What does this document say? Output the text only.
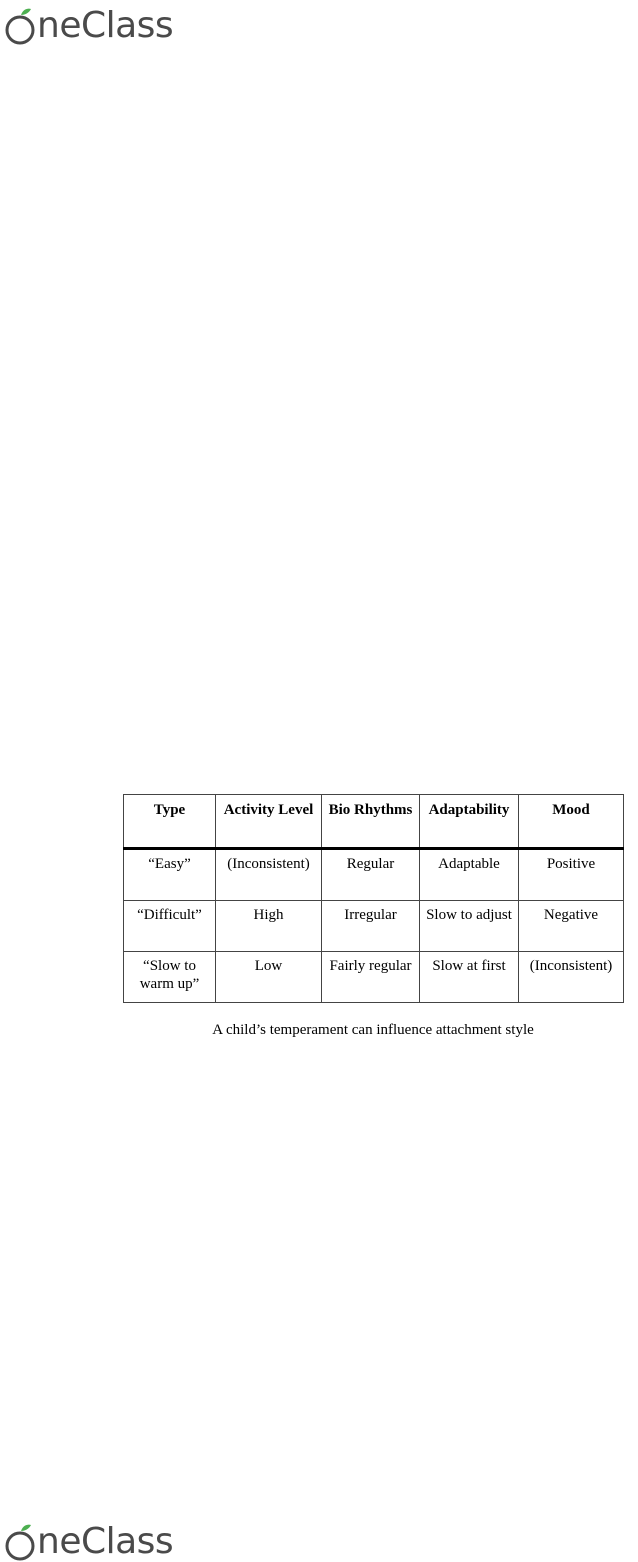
neClass
Type	Activity Level	Bio Rhythms	Adaptability	Mood
“Easy”	(Inconsistent)	Regular	Adaptable	Positive
“Difficult”	High	Irregular	Slow to adjust	Negative
“Slow to warm up”	Low	Fairly regular	Slow at first	(Inconsistent)
A child’s temperament can influence attachment style
neClass
